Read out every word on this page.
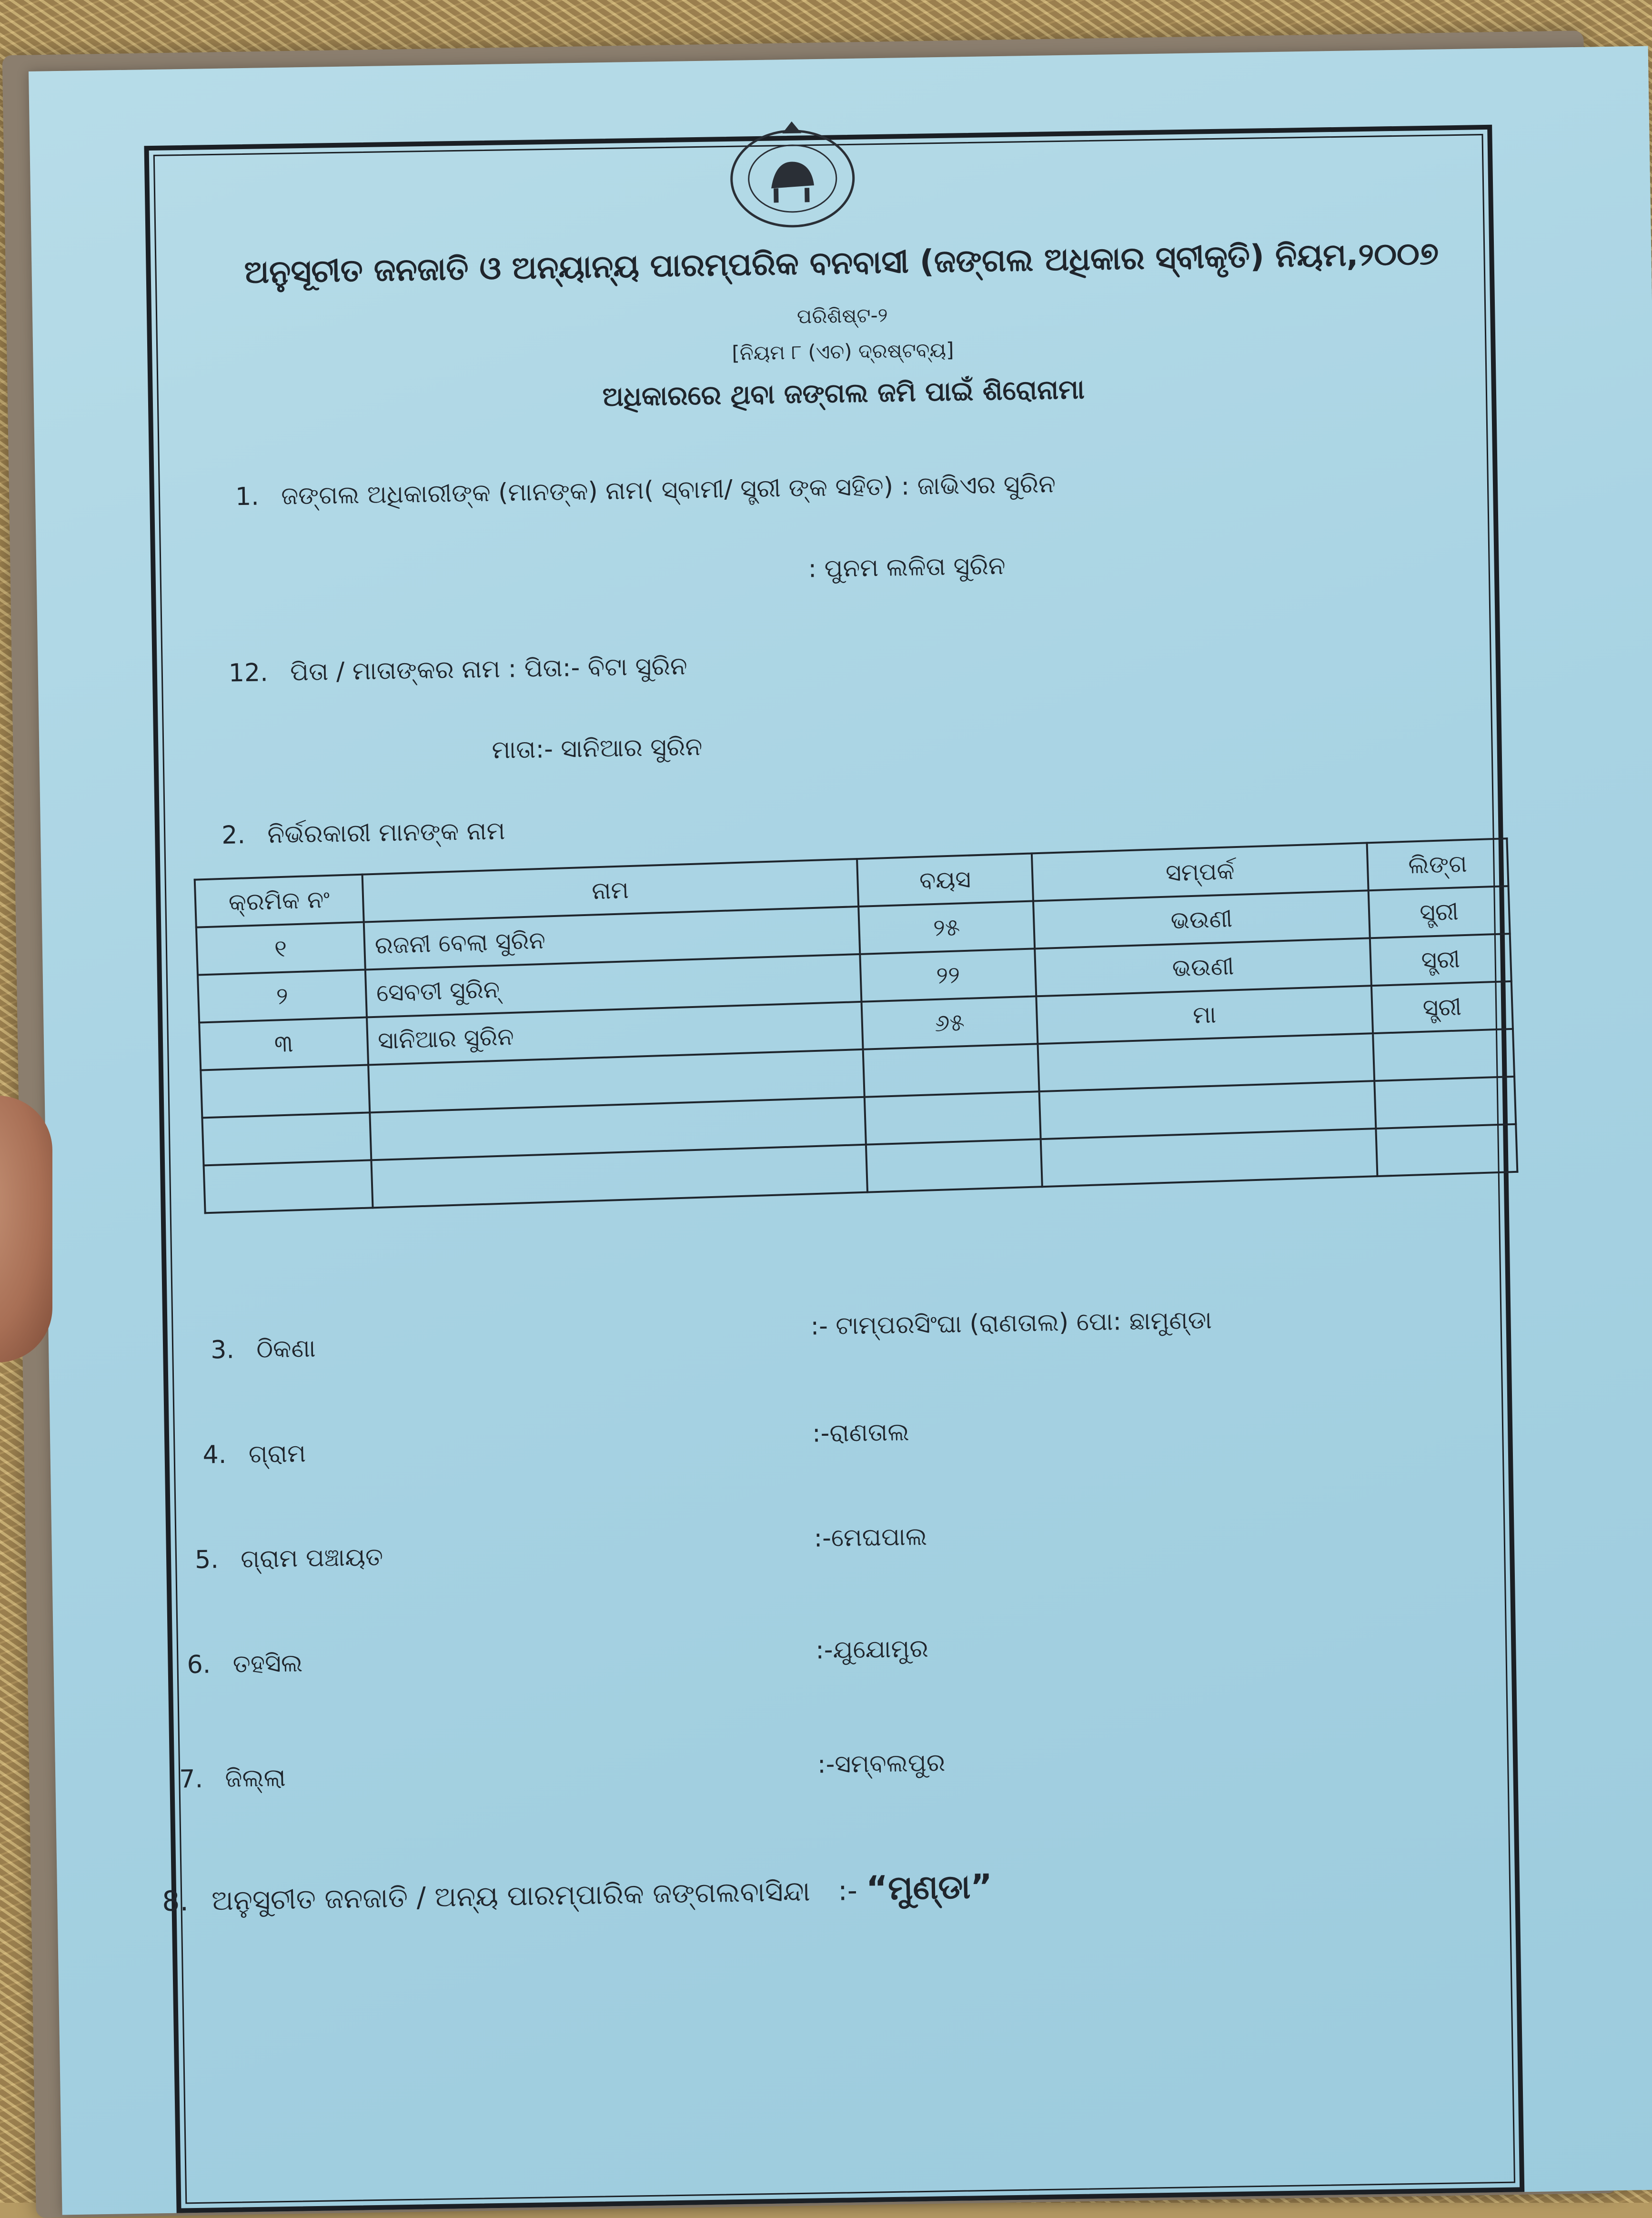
ଅନୁସୂଚୀତ ଜନଜାତି ଓ ଅନ୍ୟାନ୍ୟ ପାରମ୍ପରିକ ବନବାସୀ (ଜଙ୍ଗଲ ଅଧିକାର ସ୍ବୀକୃତି) ନିୟମ,୨୦୦୭
ପରିଶିଷ୍ଟ-୨
[ନିୟମ ୮ (ଏଚ) ଦ୍ରଷ୍ଟବ୍ୟ]
ଅଧିକାରରେ ଥିବା ଜଙ୍ଗଲ ଜମି ପାଇଁ ଶିରୋନାମା
1. ଜଙ୍ଗଲ ଅଧିକାରୀଙ୍କ (ମାନଙ୍କ) ନାମ( ସ୍ବାମୀ/ ସ୍ତ୍ରୀ ଙ୍କ ସହିତ) : ଜାଭିଏର ସୁରିନ
: ପୁନମ ଲଳିତା ସୁରିନ
12. ପିତା / ମାତାଙ୍କର ନାମ : ପିତା:- ବିଟା ସୁରିନ
ମାତା:- ସାନିଆର ସୁରିନ
2. ନିର୍ଭରକାରୀ ମାନଙ୍କ ନାମ
କ୍ରମିକ ନଂ	ନାମ	ବୟସ	ସମ୍ପର୍କ	ଲିଙ୍ଗ
୧	ରଜନୀ ବେଲା ସୁରିନ	୨୫	ଭଉଣୀ	ସ୍ତ୍ରୀ
୨	ସେବତୀ ସୁରିନ୍	୨୨	ଭଉଣୀ	ସ୍ତ୍ରୀ
୩	ସାନିଆର ସୁରିନ	୬୫	ମା	ସ୍ତ୍ରୀ

3. ଠିକଣା
:- ଟାମ୍ପରସିଂଘା (ରାଣତାଲ) ପୋ: ଛାମୁଣ୍ଡା
4. ଗ୍ରାମ
:-ରାଣତାଲ
5. ଗ୍ରାମ ପଞ୍ଚାୟତ
:-ମେଘପାଲ
6. ତହସିଲ	:-ଯୁଯୋମୁର
7. ଜିଲ୍ଲା	:-ସମ୍ବଲପୁର
8. ଅନୁସୁଚୀତ ଜନଜାତି / ଅନ୍ୟ ପାରମ୍ପାରିକ ଜଙ୍ଗଲବାସିନ୍ଦା :- “ମୁଣ୍ଡା”
